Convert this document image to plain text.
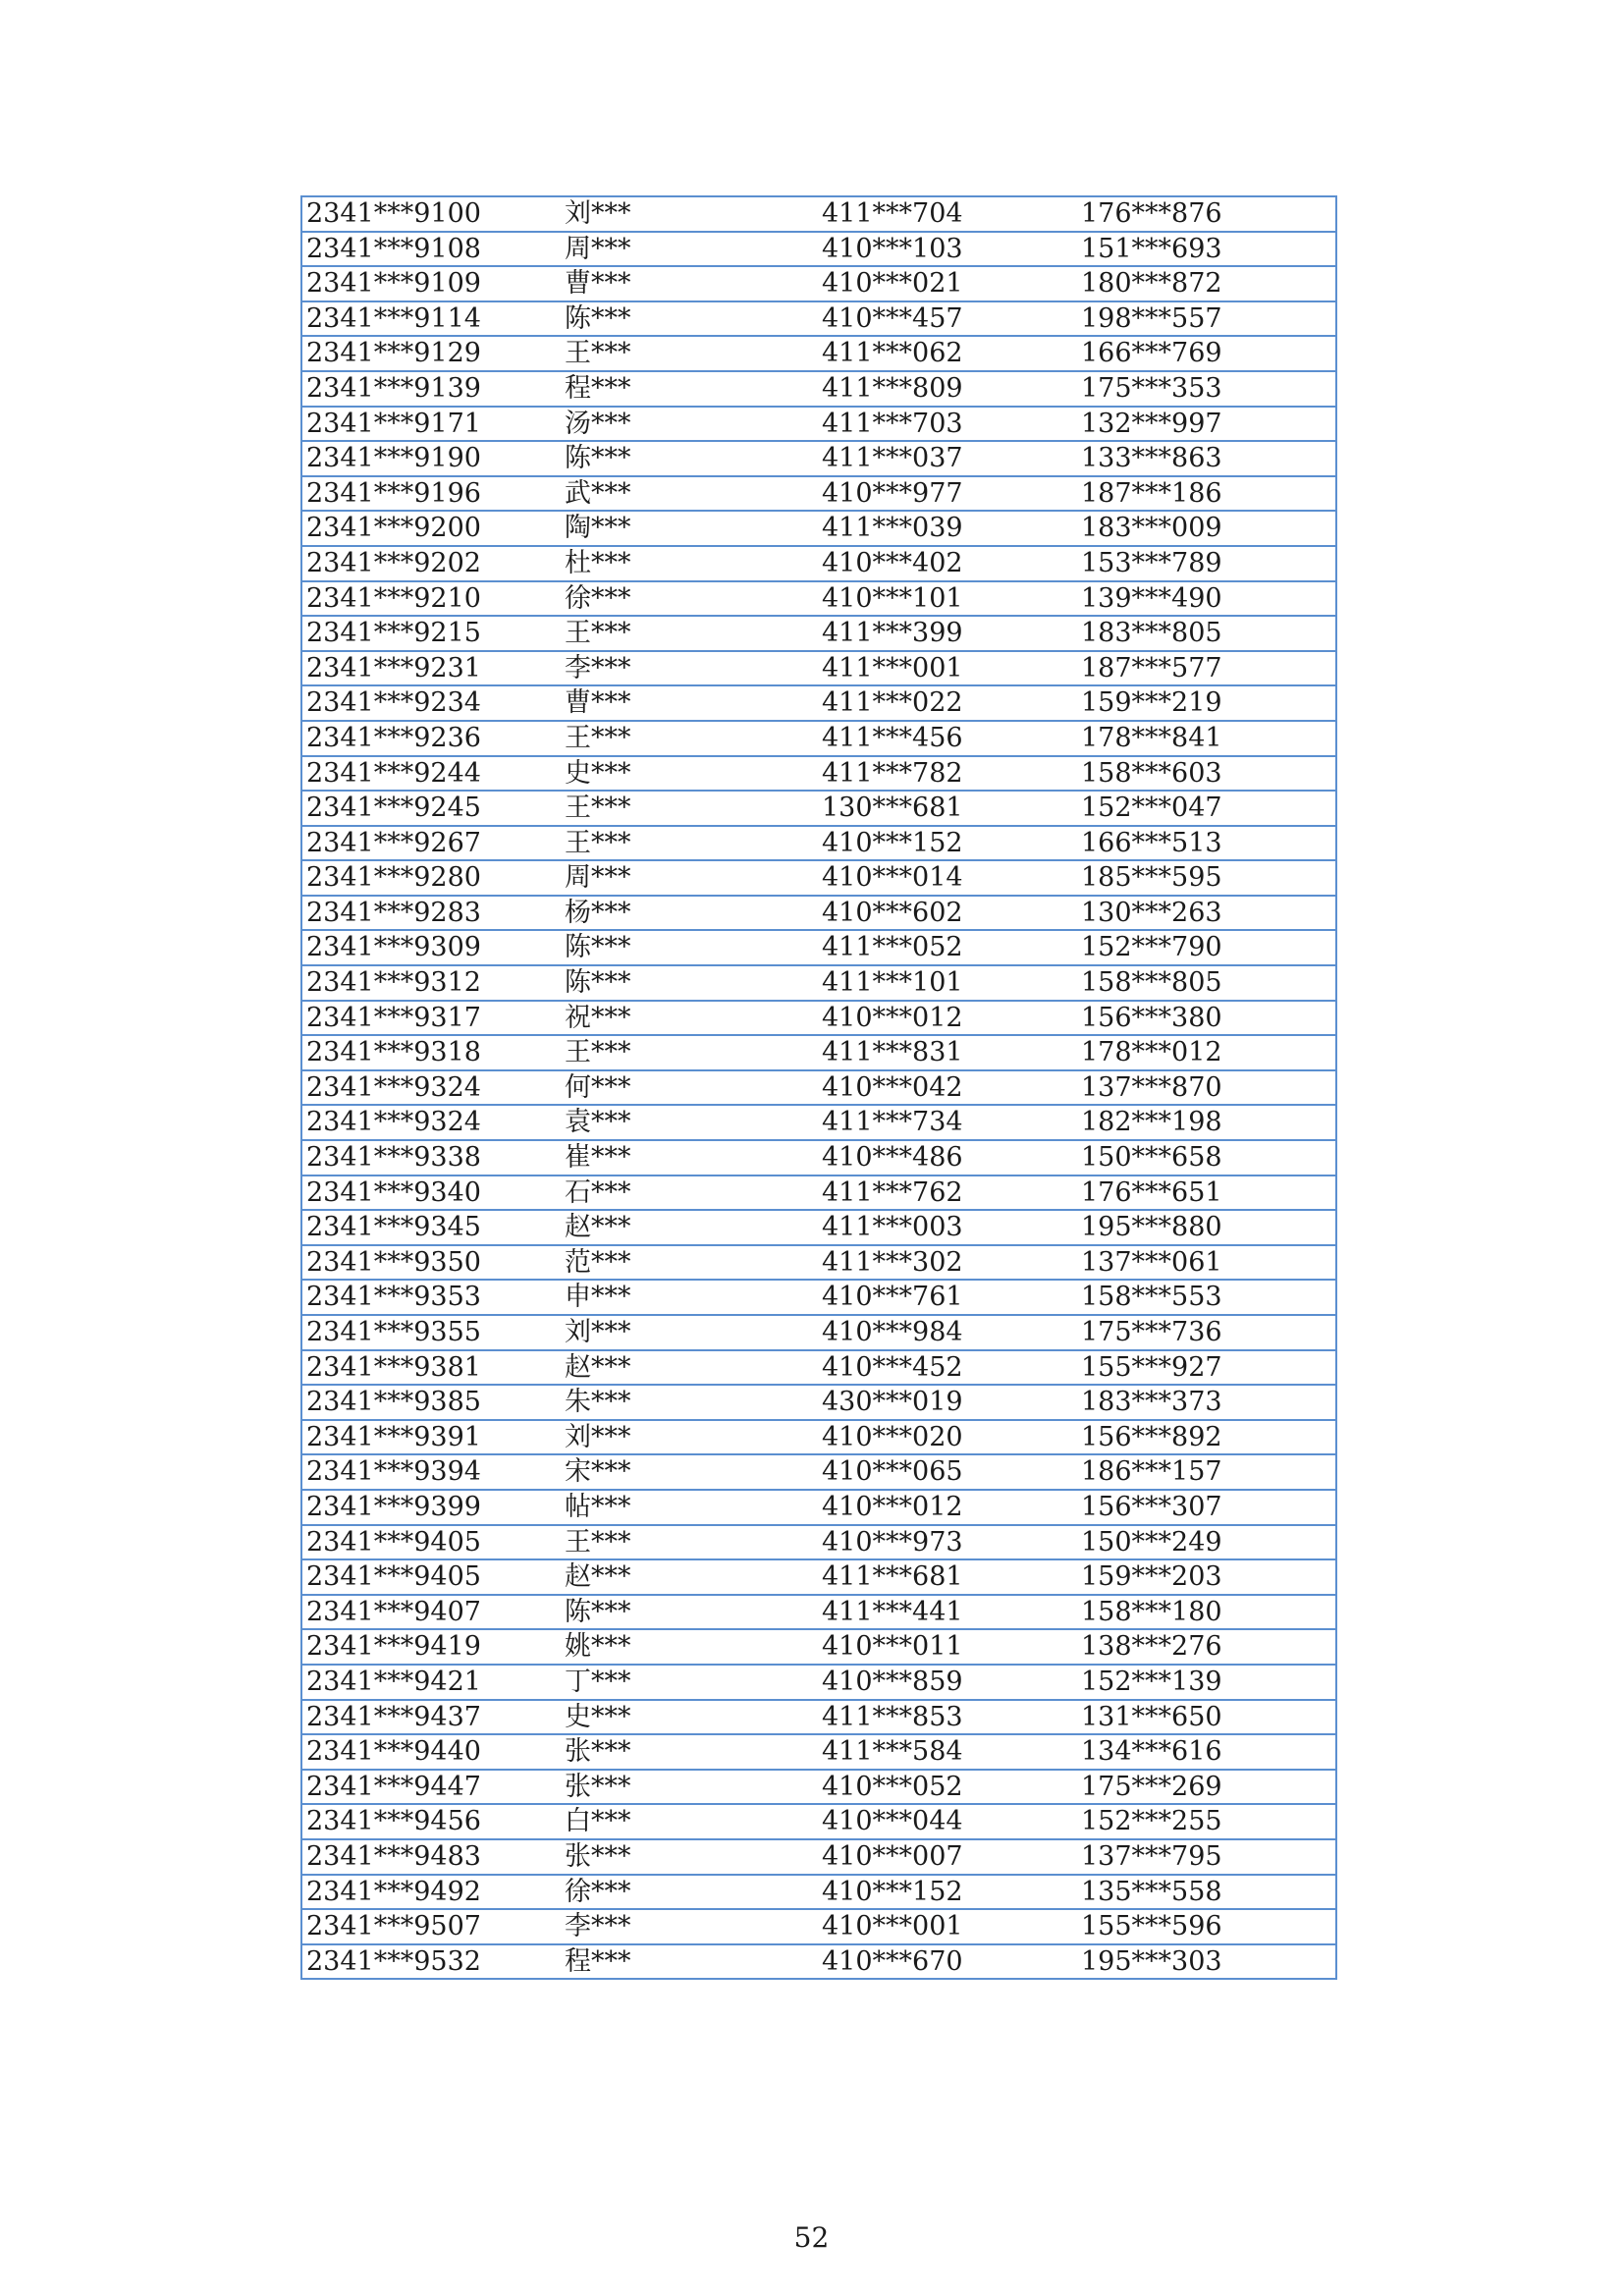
2341***9100	刘***	411***704	176***876
2341***9108	周***	410***103	151***693
2341***9109	曹***	410***021	180***872
2341***9114	陈***	410***457	198***557
2341***9129	王***	411***062	166***769
2341***9139	程***	411***809	175***353
2341***9171	汤***	411***703	132***997
2341***9190	陈***	411***037	133***863
2341***9196	武***	410***977	187***186
2341***9200	陶***	411***039	183***009
2341***9202	杜***	410***402	153***789
2341***9210	徐***	410***101	139***490
2341***9215	王***	411***399	183***805
2341***9231	李***	411***001	187***577
2341***9234	曹***	411***022	159***219
2341***9236	王***	411***456	178***841
2341***9244	史***	411***782	158***603
2341***9245	王***	130***681	152***047
2341***9267	王***	410***152	166***513
2341***9280	周***	410***014	185***595
2341***9283	杨***	410***602	130***263
2341***9309	陈***	411***052	152***790
2341***9312	陈***	411***101	158***805
2341***9317	祝***	410***012	156***380
2341***9318	王***	411***831	178***012
2341***9324	何***	410***042	137***870
2341***9324	袁***	411***734	182***198
2341***9338	崔***	410***486	150***658
2341***9340	石***	411***762	176***651
2341***9345	赵***	411***003	195***880
2341***9350	范***	411***302	137***061
2341***9353	申***	410***761	158***553
2341***9355	刘***	410***984	175***736
2341***9381	赵***	410***452	155***927
2341***9385	朱***	430***019	183***373
2341***9391	刘***	410***020	156***892
2341***9394	宋***	410***065	186***157
2341***9399	帖***	410***012	156***307
2341***9405	王***	410***973	150***249
2341***9405	赵***	411***681	159***203
2341***9407	陈***	411***441	158***180
2341***9419	姚***	410***011	138***276
2341***9421	丁***	410***859	152***139
2341***9437	史***	411***853	131***650
2341***9440	张***	411***584	134***616
2341***9447	张***	410***052	175***269
2341***9456	白***	410***044	152***255
2341***9483	张***	410***007	137***795
2341***9492	徐***	410***152	135***558
2341***9507	李***	410***001	155***596
2341***9532	程***	410***670	195***303
52
